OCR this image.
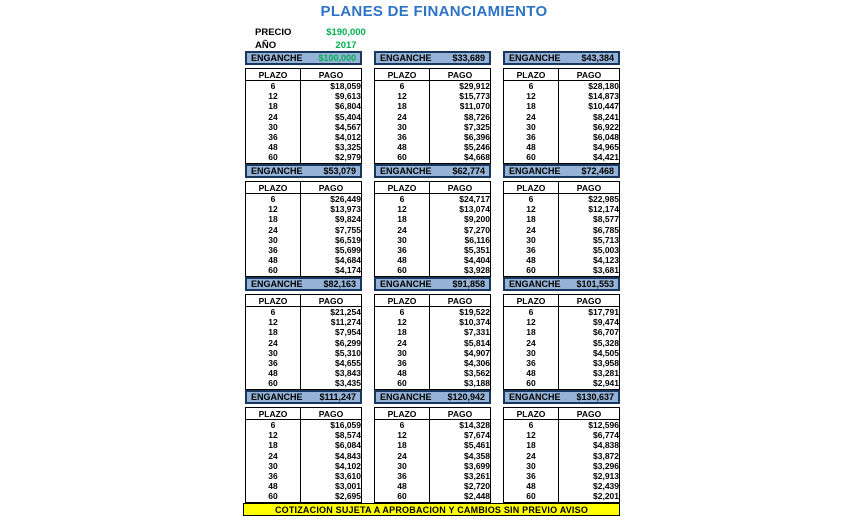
PLANES DE FINANCIAMIENTO
PRECIO	$190,000
AÑO	2017
ENGANCHE $100,000
PLAZO	PAGO
6	$18,059
12	$9,613
18	$6,804
24	$5,404
30	$4,567
36	$4,012
48	$3,325
60	$2,979
ENGANCHE $33,689
PLAZO	PAGO
6	$29,912
12	$15,773
18	$11,070
24	$8,726
30	$7,325
36	$6,396
48	$5,246
60	$4,668
ENGANCHE $43,384
PLAZO	PAGO
6	$28,180
12	$14,873
18	$10,447
24	$8,241
30	$6,922
36	$6,048
48	$4,965
60	$4,421
ENGANCHE $53,079
PLAZO	PAGO
6	$26,449
12	$13,973
18	$9,824
24	$7,755
30	$6,519
36	$5,699
48	$4,684
60	$4,174
ENGANCHE $62,774
PLAZO	PAGO
6	$24,717
12	$13,074
18	$9,200
24	$7,270
30	$6,116
36	$5,351
48	$4,404
60	$3,928
ENGANCHE $72,468
PLAZO	PAGO
6	$22,985
12	$12,174
18	$8,577
24	$6,785
30	$5,713
36	$5,003
48	$4,123
60	$3,681
ENGANCHE $82,163
PLAZO	PAGO
6	$21,254
12	$11,274
18	$7,954
24	$6,299
30	$5,310
36	$4,655
48	$3,843
60	$3,435
ENGANCHE $91,858
PLAZO	PAGO
6	$19,522
12	$10,374
18	$7,331
24	$5,814
30	$4,907
36	$4,306
48	$3,562
60	$3,188
ENGANCHE $101,553
PLAZO	PAGO
6	$17,791
12	$9,474
18	$6,707
24	$5,328
30	$4,505
36	$3,958
48	$3,281
60	$2,941
ENGANCHE $111,247
PLAZO	PAGO
6	$16,059
12	$8,574
18	$6,084
24	$4,843
30	$4,102
36	$3,610
48	$3,001
60	$2,695
ENGANCHE $120,942
PLAZO	PAGO
6	$14,328
12	$7,674
18	$5,461
24	$4,358
30	$3,699
36	$3,261
48	$2,720
60	$2,448
ENGANCHE $130,637
PLAZO	PAGO
6	$12,596
12	$6,774
18	$4,838
24	$3,872
30	$3,296
36	$2,913
48	$2,439
60	$2,201
COTIZACION SUJETA A APROBACION Y CAMBIOS SIN PREVIO AVISO
